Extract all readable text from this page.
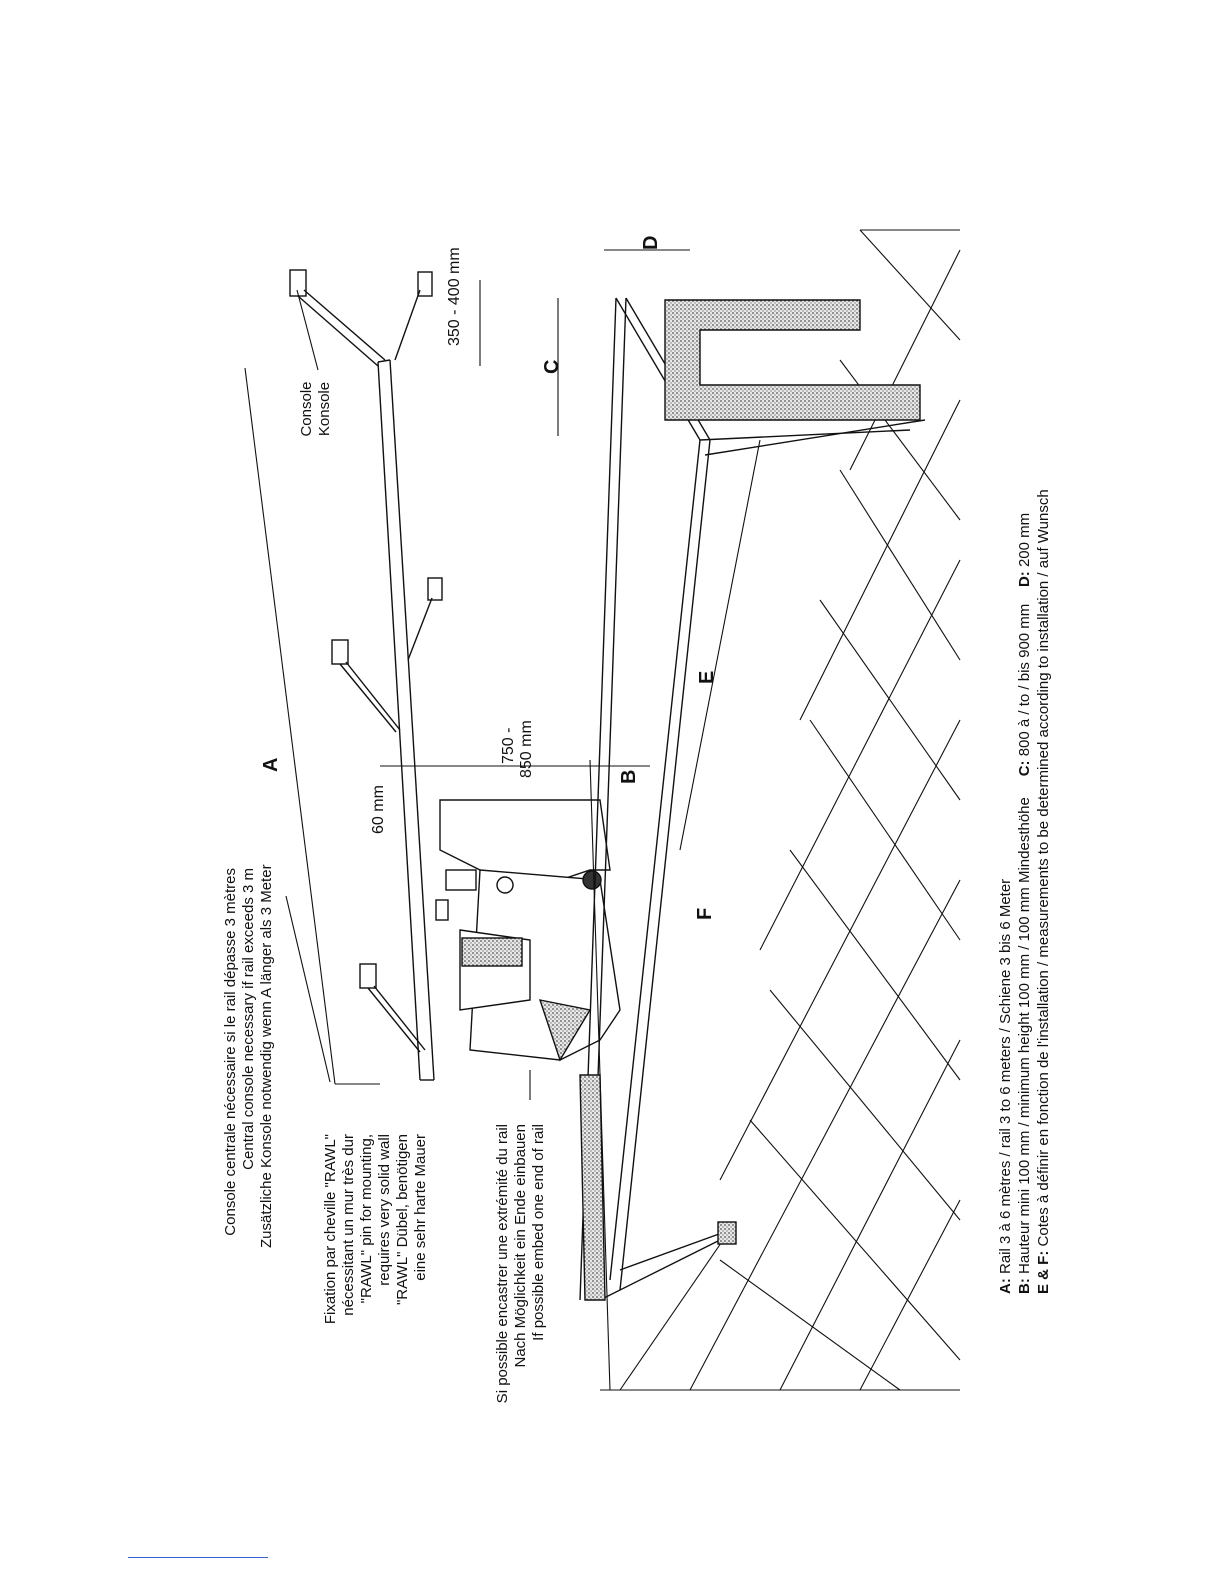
Console centrale nécessaire si le rail dépasse 3 mètres Central console necessary if rail exceeds 3 m Zusätzliche Konsole notwendig wenn A länger als 3 Meter	Fixation par cheville "RAWL" nécessitant un mur très dur "RAWL" pin for mounting, requires very solid wall "RAWL" Dübel, benötigen eine sehr harte Mauer	Si possible encastrer une extrémité du rail Nach Möglichkeit ein Ende einbauen If possible embed one end of rail
Console Konsole
A
B
C
D
E
F
60 mm
750 - 850 mm
350 - 400 mm
A: Rail 3 à 6 mètres / rail 3 to 6 meters / Schiene 3 bis 6 Meter
B: Hauteur mini 100 mm / minimum height 100 mm / 100 mm Mindesthöhe     C: 800 à / to / bis 900 mm    D: 200 mm
E & F: Cotes à définir en fonction de l'installation / measurements to be determined according to installation / auf Wunsch
